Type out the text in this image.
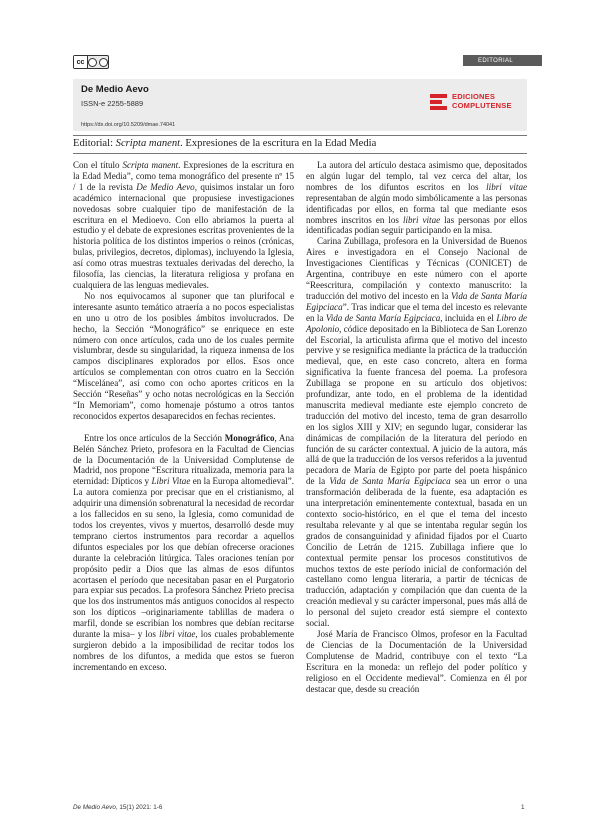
cc	EDITORIAL
De Medio Aevo
ISSN-e 2255-5889
EDICIONES
COMPLUTENSE
https://dx.doi.org/10.5209/dmae.74041
Editorial: Scripta manent. Expresiones de la escritura en la Edad Media

Con el título Scripta manent. Expresiones de la escritura en la Edad Media”, como tema monográfico del presente nº 15 / 1 de la revista De Medio Aevo, quisimos instalar un foro académico internacional que propusiese investigaciones novedosas sobre cualquier tipo de manifestación de la escritura en el Medioevo. Con ello abriamos la puerta al estudio y el debate de expresiones escritas provenientes de la historia política de los distintos imperios o reinos (crónicas, bulas, privilegios, decretos, diplomas), incluyendo la Iglesia, así como otras muestras textuales derivadas del derecho, la filosofía, las ciencias, la literatura religiosa y profana en cualquiera de las lenguas medievales.

No nos equivocamos al suponer que tan plurifocal e interesante asunto temático atraería a no pocos especialistas en uno u otro de los posibles ámbitos involucrados. De hecho, la Sección “Monográfico” se enriquece en este número con once artículos, cada uno de los cuales permite vislumbrar, desde su singularidad, la riqueza inmensa de los campos disciplinares explorados por ellos. Esos once artículos se complementan con otros cuatro en la Sección “Miscelánea”, así como con ocho aportes críticos en la Sección “Reseñas” y ocho notas necrológicas en la Sección “In Memoriam”, como homenaje póstumo a otros tantos reconocidos expertos desaparecidos en fechas recientes.

Entre los once artículos de la Sección Monográfico, Ana Belén Sánchez Prieto, profesora en la Facultad de Ciencias de la Documentación de la Universidad Complutense de Madrid, nos propone “Escritura ritualizada, memoria para la eternidad: Dípticos y Libri Vitae en la Europa altomedieval”. La autora comienza por precisar que en el cristianismo, al adquirir una dimensión sobrenatural la necesidad de recordar a los fallecidos en su seno, la Iglesia, como comunidad de todos los creyentes, vivos y muertos, desarrolló desde muy temprano ciertos instrumentos para recordar a aquellos difuntos especiales por los que debían ofrecerse oraciones durante la celebración litúrgica. Tales oraciones tenían por propósito pedir a Dios que las almas de esos difuntos acortasen el período que necesitaban pasar en el Purgatorio para expiar sus pecados. La profesora Sánchez Prieto precisa que los dos instrumentos más antiguos conocidos al respecto son los dípticos –originariamente tablillas de madera o marfil, donde se escribían los nombres que debían recitarse durante la misa– y los libri vitae, los cuales probablemente surgieron debido a la imposibilidad de recitar todos los nombres de los difuntos, a medida que estos se fueron incrementando en exceso.

La autora del artículo destaca asimismo que, depositados en algún lugar del templo, tal vez cerca del altar, los nombres de los difuntos escritos en los libri vitae representaban de algún modo simbólicamente a las personas identificadas por ellos, en forma tal que mediante esos nombres inscritos en los libri vitae las personas por ellos identificadas podían seguir participando en la misa.

Carina Zubillaga, profesora en la Universidad de Buenos Aires e investigadora en el Consejo Nacional de Investigaciones Científicas y Técnicas (CONICET) de Argentina, contribuye en este número con el aporte “Reescritura, compilación y contexto manuscrito: la traducción del motivo del incesto en la Vida de Santa María Egipciaca”. Tras indicar que el tema del incesto es relevante en la Vida de Santa María Egipciaca, incluida en el Libro de Apolonio, códice depositado en la Biblioteca de San Lorenzo del Escorial, la articulista afirma que el motivo del incesto pervive y se resignifica mediante la práctica de la traducción medieval, que, en este caso concreto, altera en forma significativa la fuente francesa del poema. La profesora Zubillaga se propone en su artículo dos objetivos: profundizar, ante todo, en el problema de la identidad manuscrita medieval mediante este ejemplo concreto de traducción del motivo del incesto, tema de gran desarrollo en los siglos XIII y XIV; en segundo lugar, considerar las dinámicas de compilación de la literatura del período en función de su carácter contextual. A juicio de la autora, más allá de que la traducción de los versos referidos a la juventud pecadora de María de Egipto por parte del poeta hispánico de la Vida de Santa María Egipciaca sea un error o una transformación deliberada de la fuente, esa adaptación es una interpretación eminentemente contextual, basada en un contexto socio-histórico, en el que el tema del incesto resultaba relevante y al que se intentaba regular según los grados de consanguinidad y afinidad fijados por el Cuarto Concilio de Letrán de 1215. Zubillaga infiere que lo contextual permite pensar los procesos constitutivos de muchos textos de este período inicial de conformación del castellano como lengua literaria, a partir de técnicas de traducción, adaptación y compilación que dan cuenta de la creación medieval y su carácter impersonal, pues más allá de lo personal del sujeto creador está siempre el contexto social.

José María de Francisco Olmos, profesor en la Facultad de Ciencias de la Documentación de la Universidad Complutense de Madrid, contribuye con el texto “La Escritura en la moneda: un reflejo del poder político y religioso en el Occidente medieval”. Comienza en él por destacar que, desde su creación

De Medio Aevo, 15(1) 2021: 1-6	1
